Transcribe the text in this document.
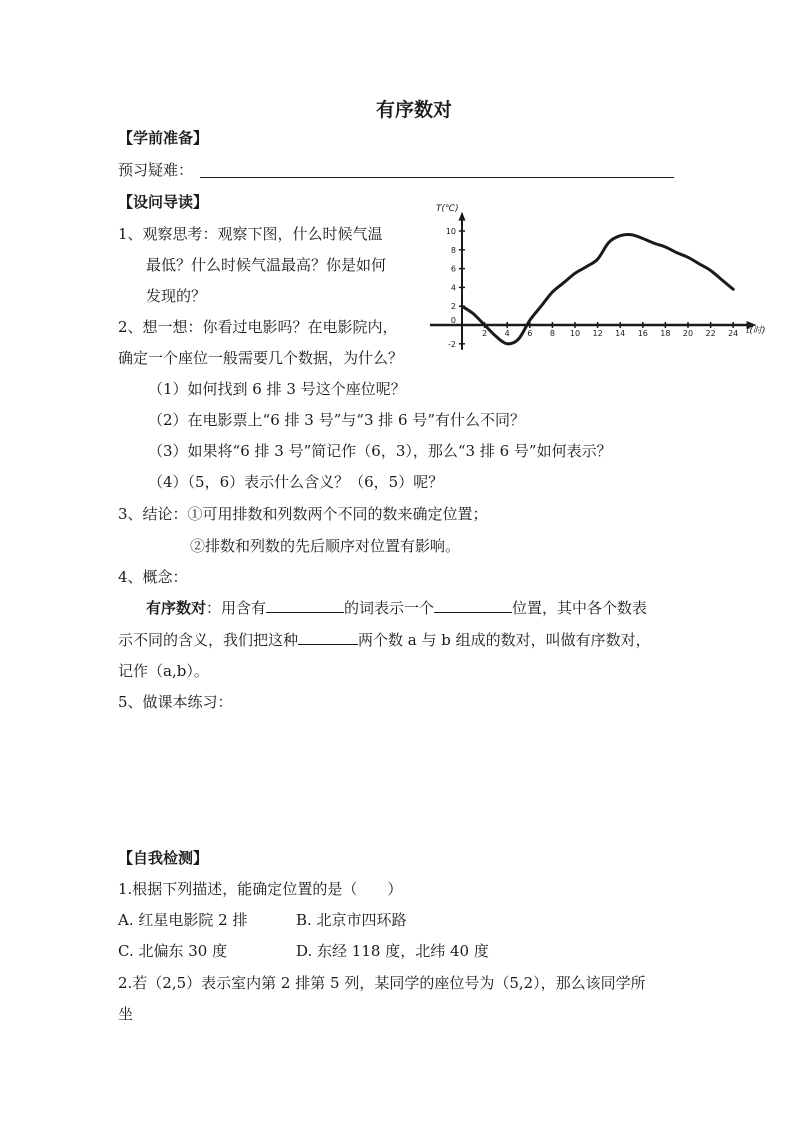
有序数对
【学前准备】
预习疑难：
【设问导读】
1、观察思考：观察下图，什么时候气温
最低？什么时候气温最高？你是如何
发现的？
2、想一想：你看过电影吗？在电影院内，
确定一个座位一般需要几个数据，为什么？
（1）如何找到 6 排 3 号这个座位呢？
（2）在电影票上“6 排 3 号”与“3 排 6 号”有什么不同？
（3）如果将“6 排 3 号”简记作（6，3），那么“3 排 6 号”如何表示？
（4）（5，6）表示什么含义？（6，5）呢？
3、结论：①可用排数和列数两个不同的数来确定位置；
②排数和列数的先后顺序对位置有影响。
4、概念：
有序数对：用含有	的词表示一个	位置，其中各个数表
示不同的含义，我们把这种	两个数 a 与 b 组成的数对，叫做有序数对，
记作（a,b）。
5、做课本练习：
【自我检测】
1.根据下列描述，能确定位置的是（　　）
A. 红星电影院 2 排	B. 北京市四环路
C. 北偏东 30 度	D. 东经 118 度，北纬 40 度
2.若（2,5）表示室内第 2 排第 5 列，某同学的座位号为（5,2），那么该同学所
坐
2 4 6 8 10 12 14 16 18 20 22 24
-2
0
2
4
6
8
10
T(℃)
t(时)
